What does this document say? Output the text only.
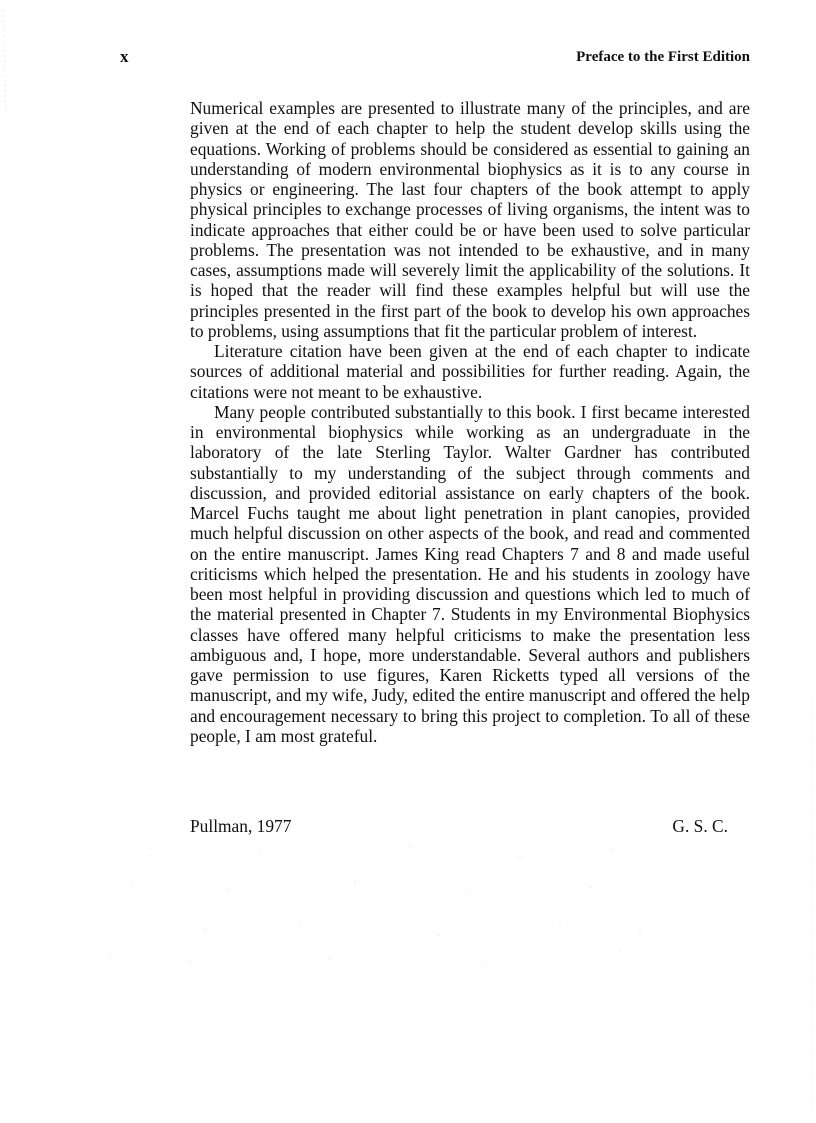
x	Preface to the First Edition

Numerical examples are presented to illustrate many of the principles, and are given at the end of each chapter to help the student develop skills using the equations. Working of problems should be considered as essential to gaining an understanding of modern environmental biophysics as it is to any course in physics or engineering. The last four chapters of the book attempt to apply physical principles to exchange processes of living organisms, the intent was to indicate approaches that either could be or have been used to solve particular problems. The presentation was not intended to be exhaustive, and in many cases, assumptions made will severely limit the applicability of the solutions. It is hoped that the reader will find these examples helpful but will use the principles presented in the first part of the book to develop his own approaches to problems, using assumptions that fit the particular problem of interest.

Literature citation have been given at the end of each chapter to indicate sources of additional material and possibilities for further reading. Again, the citations were not meant to be exhaustive.

Many people contributed substantially to this book. I first became interested in environmental biophysics while working as an undergraduate in the laboratory of the late Sterling Taylor. Walter Gardner has contributed substantially to my understanding of the subject through comments and discussion, and provided editorial assistance on early chapters of the book. Marcel Fuchs taught me about light penetration in plant canopies, provided much helpful discussion on other aspects of the book, and read and commented on the entire manuscript. James King read Chapters 7 and 8 and made useful criticisms which helped the presentation. He and his students in zoology have been most helpful in providing discussion and questions which led to much of the material presented in Chapter 7. Students in my Environmental Biophysics classes have offered many helpful criticisms to make the presentation less ambiguous and, I hope, more understandable. Several authors and publishers gave permission to use figures, Karen Ricketts typed all versions of the manuscript, and my wife, Judy, edited the entire manuscript and offered the help and encouragement necessary to bring this project to completion. To all of these people, I am most grateful.

Pullman, 1977	G. S. C.
